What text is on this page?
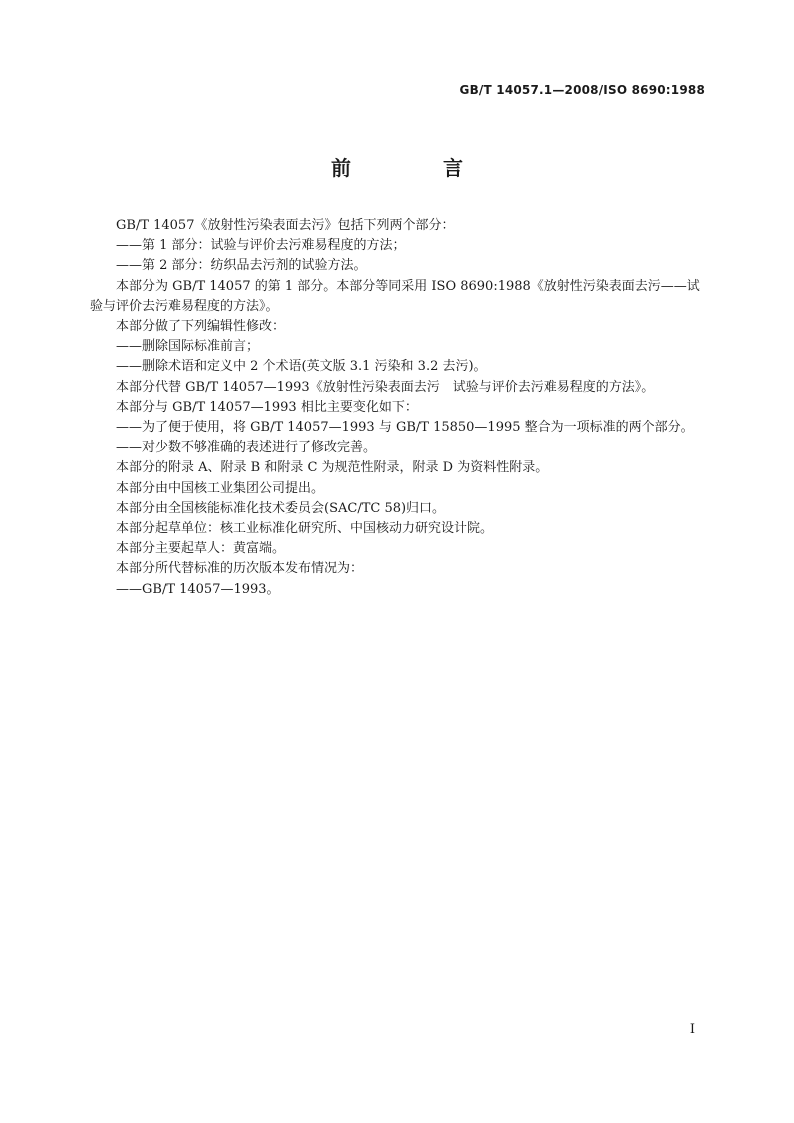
GB/T 14057.1—2008/ISO 8690:1988
前　言

GB/T 14057《放射性污染表面去污》包括下列两个部分：

——第 1 部分：试验与评价去污难易程度的方法；

——第 2 部分：纺织品去污剂的试验方法。

本部分为 GB/T 14057 的第 1 部分。本部分等同采用 ISO 8690:1988《放射性污染表面去污——试验与评价去污难易程度的方法》。

本部分做了下列编辑性修改：

——删除国际标准前言；

——删除术语和定义中 2 个术语(英文版 3.1 污染和 3.2 去污)。

本部分代替 GB/T 14057—1993《放射性污染表面去污　试验与评价去污难易程度的方法》。

本部分与 GB/T 14057—1993 相比主要变化如下：

——为了便于使用，将 GB/T 14057—1993 与 GB/T 15850—1995 整合为一项标准的两个部分。

——对少数不够准确的表述进行了修改完善。

本部分的附录 A、附录 B 和附录 C 为规范性附录，附录 D 为资料性附录。

本部分由中国核工业集团公司提出。

本部分由全国核能标准化技术委员会(SAC/TC 58)归口。

本部分起草单位：核工业标准化研究所、中国核动力研究设计院。

本部分主要起草人：黄富端。

本部分所代替标准的历次版本发布情况为：

——GB/T 14057—1993。

I
